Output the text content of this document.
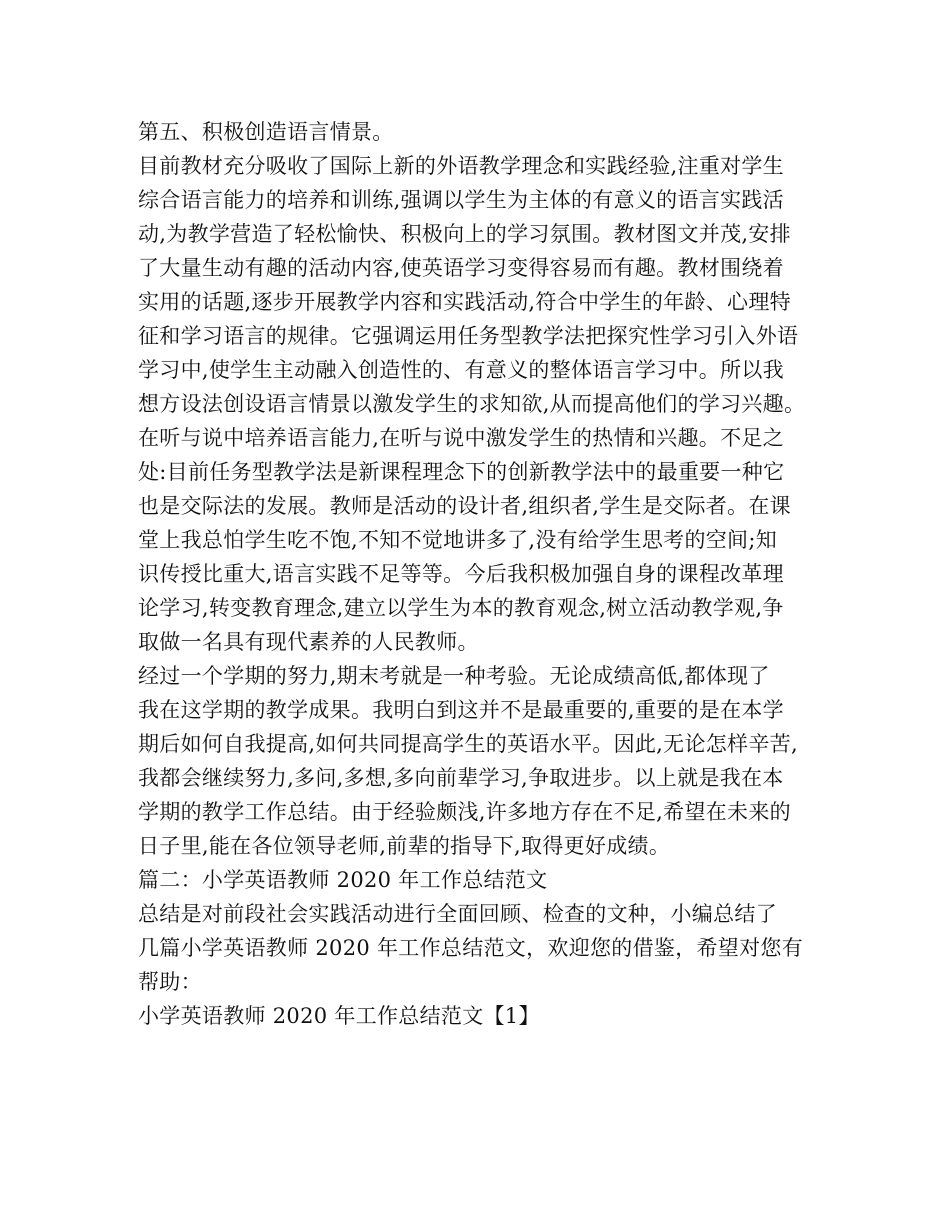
第五、积极创造语言情景。
目前教材充分吸收了国际上新的外语教学理念和实践经验,注重对学生
综合语言能力的培养和训练,强调以学生为主体的有意义的语言实践活
动,为教学营造了轻松愉快、积极向上的学习氛围。教材图文并茂,安排
了大量生动有趣的活动内容,使英语学习变得容易而有趣。教材围绕着
实用的话题,逐步开展教学内容和实践活动,符合中学生的年龄、心理特
征和学习语言的规律。它强调运用任务型教学法把探究性学习引入外语
学习中,使学生主动融入创造性的、有意义的整体语言学习中。所以我
想方设法创设语言情景以激发学生的求知欲,从而提高他们的学习兴趣。
在听与说中培养语言能力,在听与说中激发学生的热情和兴趣。不足之
处:目前任务型教学法是新课程理念下的创新教学法中的最重要一种它
也是交际法的发展。教师是活动的设计者,组织者,学生是交际者。在课
堂上我总怕学生吃不饱,不知不觉地讲多了,没有给学生思考的空间;知
识传授比重大,语言实践不足等等。今后我积极加强自身的课程改革理
论学习,转变教育理念,建立以学生为本的教育观念,树立活动教学观,争
取做一名具有现代素养的人民教师。
经过一个学期的努力,期末考就是一种考验。无论成绩高低,都体现了
我在这学期的教学成果。我明白到这并不是最重要的,重要的是在本学
期后如何自我提高,如何共同提高学生的英语水平。因此,无论怎样辛苦,
我都会继续努力,多问,多想,多向前辈学习,争取进步。以上就是我在本
学期的教学工作总结。由于经验颇浅,许多地方存在不足,希望在未来的
日子里,能在各位领导老师,前辈的指导下,取得更好成绩。
篇二：小学英语教师 2020 年工作总结范文
总结是对前段社会实践活动进行全面回顾、检查的文种，小编总结了
几篇小学英语教师 2020 年工作总结范文，欢迎您的借鉴，希望对您有
帮助：
小学英语教师 2020 年工作总结范文【1】
